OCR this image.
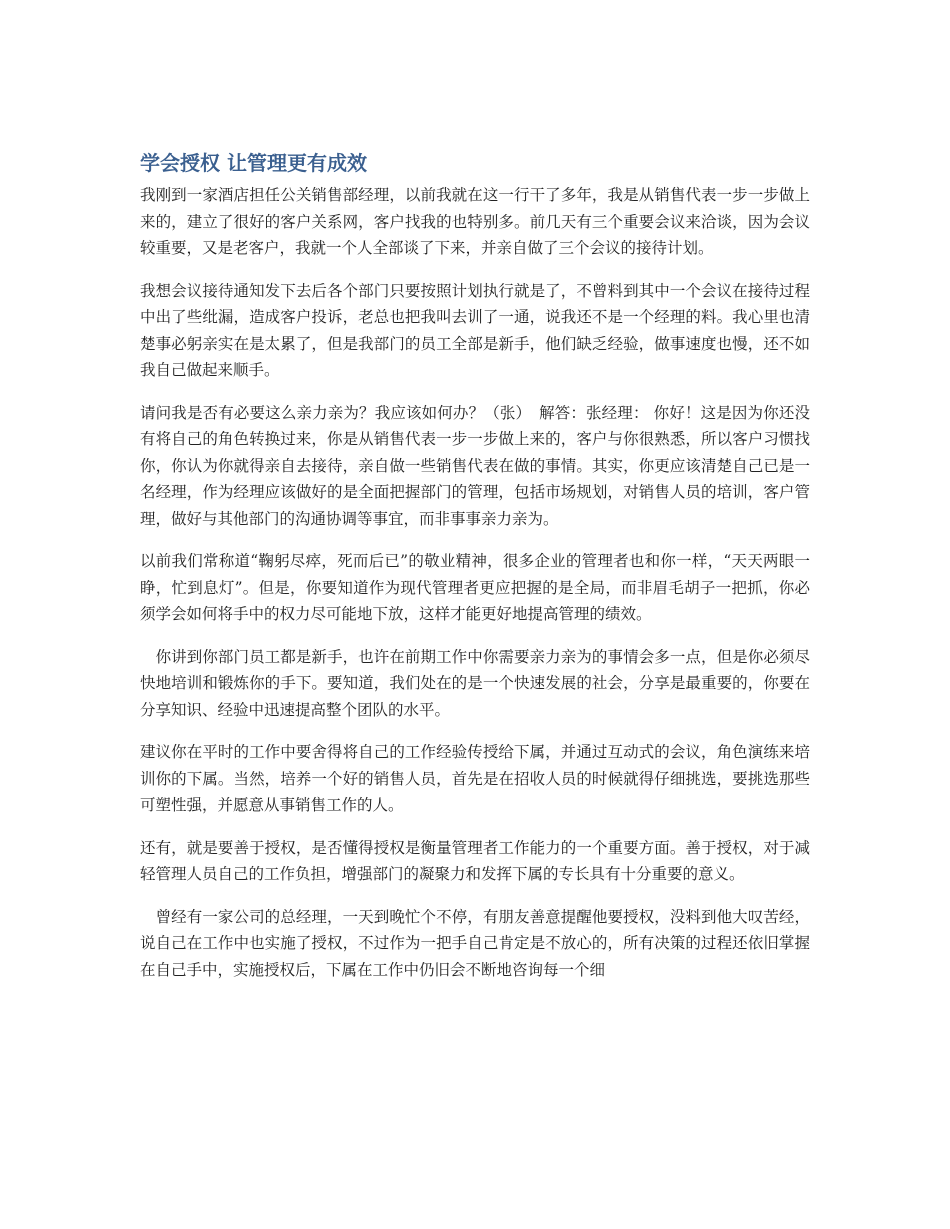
学会授权 让管理更有成效

我刚到一家酒店担任公关销售部经理，以前我就在这一行干了多年，我是从销售代表一步一步做上来的，建立了很好的客户关系网，客户找我的也特别多。前几天有三个重要会议来洽谈，因为会议较重要，又是老客户，我就一个人全部谈了下来，并亲自做了三个会议的接待计划。

我想会议接待通知发下去后各个部门只要按照计划执行就是了，不曾料到其中一个会议在接待过程中出了些纰漏，造成客户投诉，老总也把我叫去训了一通，说我还不是一个经理的料。我心里也清楚事必躬亲实在是太累了，但是我部门的员工全部是新手，他们缺乏经验，做事速度也慢，还不如我自己做起来顺手。

请问我是否有必要这么亲力亲为？我应该如何办？（张）　解答：张经理： 你好！这是因为你还没有将自己的角色转换过来，你是从销售代表一步一步做上来的，客户与你很熟悉，所以客户习惯找你，你认为你就得亲自去接待，亲自做一些销售代表在做的事情。其实，你更应该清楚自己已是一名经理，作为经理应该做好的是全面把握部门的管理，包括市场规划，对销售人员的培训，客户管理，做好与其他部门的沟通协调等事宜，而非事事亲力亲为。

以前我们常称道“鞠躬尽瘁，死而后已”的敬业精神，很多企业的管理者也和你一样，“天天两眼一睁，忙到息灯”。但是，你要知道作为现代管理者更应把握的是全局，而非眉毛胡子一把抓，你必须学会如何将手中的权力尽可能地下放，这样才能更好地提高管理的绩效。

　你讲到你部门员工都是新手，也许在前期工作中你需要亲力亲为的事情会多一点，但是你必须尽快地培训和锻炼你的手下。要知道，我们处在的是一个快速发展的社会，分享是最重要的，你要在分享知识、经验中迅速提高整个团队的水平。

建议你在平时的工作中要舍得将自己的工作经验传授给下属，并通过互动式的会议，角色演练来培训你的下属。当然，培养一个好的销售人员，首先是在招收人员的时候就得仔细挑选，要挑选那些可塑性强，并愿意从事销售工作的人。

还有，就是要善于授权，是否懂得授权是衡量管理者工作能力的一个重要方面。善于授权，对于减轻管理人员自己的工作负担，增强部门的凝聚力和发挥下属的专长具有十分重要的意义。

　曾经有一家公司的总经理，一天到晚忙个不停，有朋友善意提醒他要授权，没料到他大叹苦经，说自己在工作中也实施了授权，不过作为一把手自己肯定是不放心的，所有决策的过程还依旧掌握在自己手中，实施授权后，下属在工作中仍旧会不断地咨询每一个细
